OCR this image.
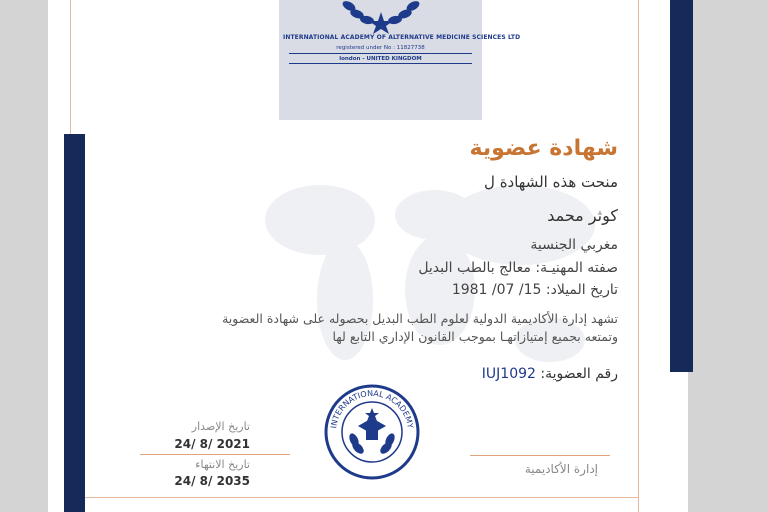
INTERNATIONAL ACADEMY OF ALTERNATIVE MEDICINE SCIENCES LTD
registered under No : 11827738
london - UNITED KINGDOM
شهادة عضوية
منحت هذه الشهادة ل
كوثر محمد
مغربي الجنسية
صفته المهنيـة: معالج بالطب البديل
تاريخ الميلاد: 15/ 07/ 1981
تشهد إدارة الأكاديمية الدولية لعلوم الطب البديل بحصوله على شهادة العضوية
وتمتعه بجميع إمتيازاتهـا بموجب القانون الإداري التابع لها
رقم العضوية: IUJ1092
INTERNATIONAL ACADEMY
تاريخ الإصدار
24/ 8/ 2021
تاريخ الانتهاء
24/ 8/ 2035
إدارة الأكاديمية
